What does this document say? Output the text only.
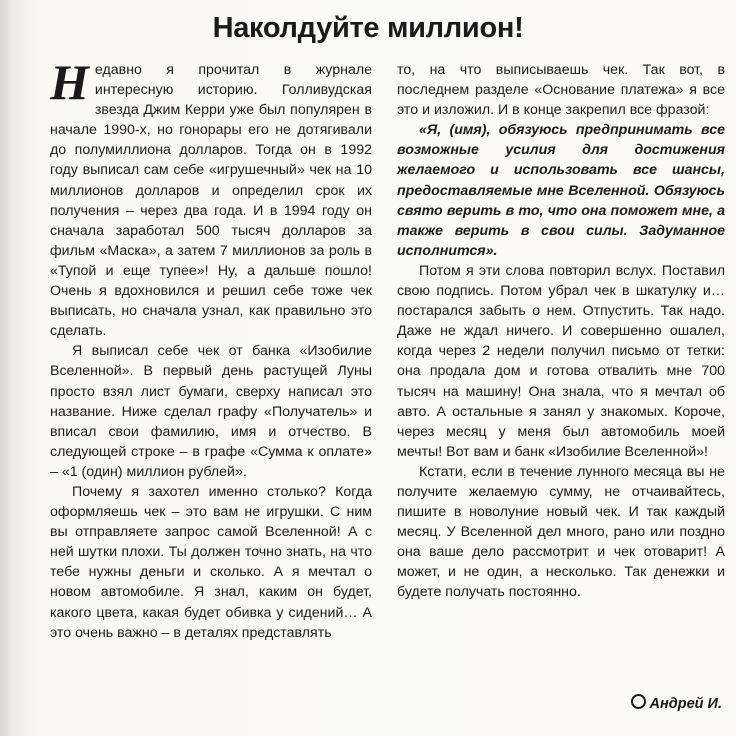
Наколдуйте миллион!

Недавно я прочитал в журнале интересную историю. Голливудская звезда Джим Керри уже был популярен в начале 1990-х, но гонорары его не дотягивали до полумиллиона долларов. Тогда он в 1992 году выписал сам себе «игрушечный» чек на 10 миллионов долларов и определил срок их получения – через два года. И в 1994 году он сначала заработал 500 тысяч долларов за фильм «Маска», а затем 7 миллионов за роль в «Тупой и еще тупее»! Ну, а дальше пошло! Очень я вдохновился и решил себе тоже чек выписать, но сначала узнал, как правильно это сделать.

Я выписал себе чек от банка «Изобилие Вселенной». В первый день растущей Луны просто взял лист бумаги, сверху написал это название. Ниже сделал графу «Получатель» и вписал свои фамилию, имя и отчество. В следующей строке – в графе «Сумма к оплате» – «1 (один) миллион рублей».

Почему я захотел именно столько? Когда оформляешь чек – это вам не игрушки. С ним вы отправляете запрос самой Вселенной! А с ней шутки плохи. Ты должен точно знать, на что тебе нужны деньги и сколько. А я мечтал о новом автомобиле. Я знал, каким он будет, какого цвета, какая будет обивка у сидений… А это очень важно – в деталях представлять

то, на что выписываешь чек. Так вот, в последнем разделе «Основание платежа» я все это и изложил. И в конце закрепил все фразой:

«Я, (имя), обязуюсь предпринимать все возможные усилия для достижения желаемого и использовать все шансы, предоставляемые мне Вселенной. Обязуюсь свято верить в то, что она поможет мне, а также верить в свои силы. Задуманное исполнится».

Потом я эти слова повторил вслух. Поставил свою подпись. Потом убрал чек в шкатулку и… постарался забыть о нем. Отпустить. Так надо. Даже не ждал ничего. И совершенно ошалел, когда через 2 недели получил письмо от тетки: она продала дом и готова отвалить мне 700 тысяч на машину! Она знала, что я мечтал об авто. А остальные я занял у знакомых. Короче, через месяц у меня был автомобиль моей мечты! Вот вам и банк «Изобилие Вселенной»!

Кстати, если в течение лунного месяца вы не получите желаемую сумму, не отчаивайтесь, пишите в новолуние новый чек. И так каждый месяц. У Вселенной дел много, рано или поздно она ваше дело рассмотрит и чек отоварит! А может, и не один, а несколько. Так денежки и будете получать постоянно.

Андрей И.
